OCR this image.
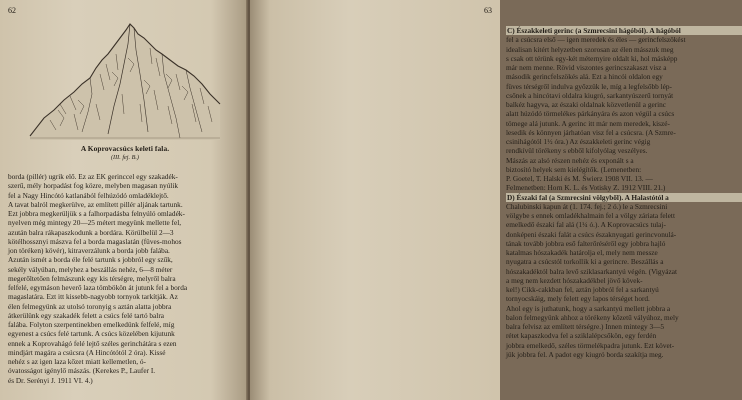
62
A Koprovacsúcs keleti fala.
(III. fej. B.)
borda (pillér) ugrik elő. Ez az EK gerinccel egy szakadék-
szerű, mély horpadást fog közre, melyben magasan nyúlik
fel a Nagy Hincótó katlanából felhúzódó omladéklejtő.
A tavat balról megkerülve, az említett pillér aljának tartunk.
Ezt jobbra megkerüljük s a falhorpadásba felnyúló omladék-
nyelven még mintegy 20—25 métert megyünk mellette fel,
azután balra rákapaszkodunk a bordára. Körülbelül 2—3
kötélhossznyi mászva fel a borda magaslatán (füves-mohos
jon töréken) kövér), kitraverzálunk a borda jobb falába.
Azután ismét a borda éle felé tartunk s jobbról egy szűk,
sekély vályúban, melyhez a beszállás nehéz, 6—8 méter
megerőltetően felmászunk egy kis térségre, melyről balra
felfelé, egymáson heverő laza tömbökön át jutunk fel a borda
magaslatára. Ezt itt kissebb-nagyobb tornyok tarkítják. Az
élen felmegyünk az utolsó toronyig s aztán alatta jobbra
átkerülünk egy szakadék felett a csúcs felé tartó balra
falába. Folyton szerpentinekben emelkedünk felfelé, míg
egyenest a csúcs felé tartunk. A csúcs közelében kijutunk
ennek a Koprovahágó felé lejtő széles gerinchátára s ezen
mindjárt magára a csúcsra (A Hincótótól 2 óra). Kissé
nehéz s az igen laza kőzet miatt kellemetlen, ó-
óvatosságot igénylő mászás. (Kerekes P., Laufer I.
és Dr. Serényi J. 1911 VI. 4.)
63
C) Északkeleti gerinc (a Szmrecsini hágóból). A hágóból
fel a csúcsra első — igen meredek és éles — gerincfelszökést
idealisan kitért helyzetben szorosan az élen másszuk meg
s csak ott térünk egy-két méternyire oldalt ki, hol másképp
már nem menne. Rövid viszontes gerincszakaszt visz a
második gerincfelszökés alá. Ezt a hincói oldalon egy
füves térségről indulva győzzük le, míg a legfelsőbb lép-
csőnek a hincótavi oldalra kiugró, sarkantyúszerű tornyát
balkéz hagyva, az északi oldalnak közvetlenül a gerinc
alatt húzódó törmelékes párkányára és azon végül a csúcs
tömege alá jutunk. A gerinc itt már nem meredek, kiszé-
lesedik és könnyen járhatóan visz fel a csúcsra. (A Szmre-
csinihágótól 1½ óra.) Az északkeleti gerinc végig
rendkívül törékeny s ebből kifolyólag veszélyes.
Mászás az alsó részen nehéz és exponált s a
biztosító helyek sem kielégítők. (Lemenetben:
P. Goetel, T. Halski és M. Świerz 1908 VII. 13. —
Felmenetben: Horn K. L. és Votisky Z. 1912 VIII. 21.)
D) Északi fal (a Szmrecsini völgyből). A Halastótól a
Chalubinski kapun át (1. 174. fej.; 2 ó.) le a Szmrecsini
völgybe s ennek omladékhalmain fel a völgy záriata felett
emelkedő északi fal alá (1¼ ó.). A Koprovacsúcs tulaj-
donképeni északi falát a csúcs északnyugati gerincvonulá-
tának tovább jobbra eső falterőréséről egy jobbra hajló
katalmas hószakadék határolja el, mely nem messze
nyugatra a csúcstól torkollik ki a gerincre. Beszállás a
hószakadéktól balra levő sziklasarkantyú végén. (Vigyázat
a meg nem kezdett hószakadékbel jövő kövek-
kel!) Cikk-cakkban fel, aztán jobbról fel a sarkantyú
tornyocskáig, mely felett egy lapos térséget hord.
Ahol egy is juthatunk, hogy a sarkantyú mellett jobbra a
balon felmegyünk ahhoz a törékeny kőzetű vályúhoz, mely
balra felvisz az említett térségre.) Innen mintegy 3—5
rétet kapaszkodva fel a sziklalépcsőkön, egy ferdén
jobbra emelkedő, széles törmelékpadra jutunk. Ezt követ-
jük jobbra fel. A padot egy kiugró borda szakítja meg.
